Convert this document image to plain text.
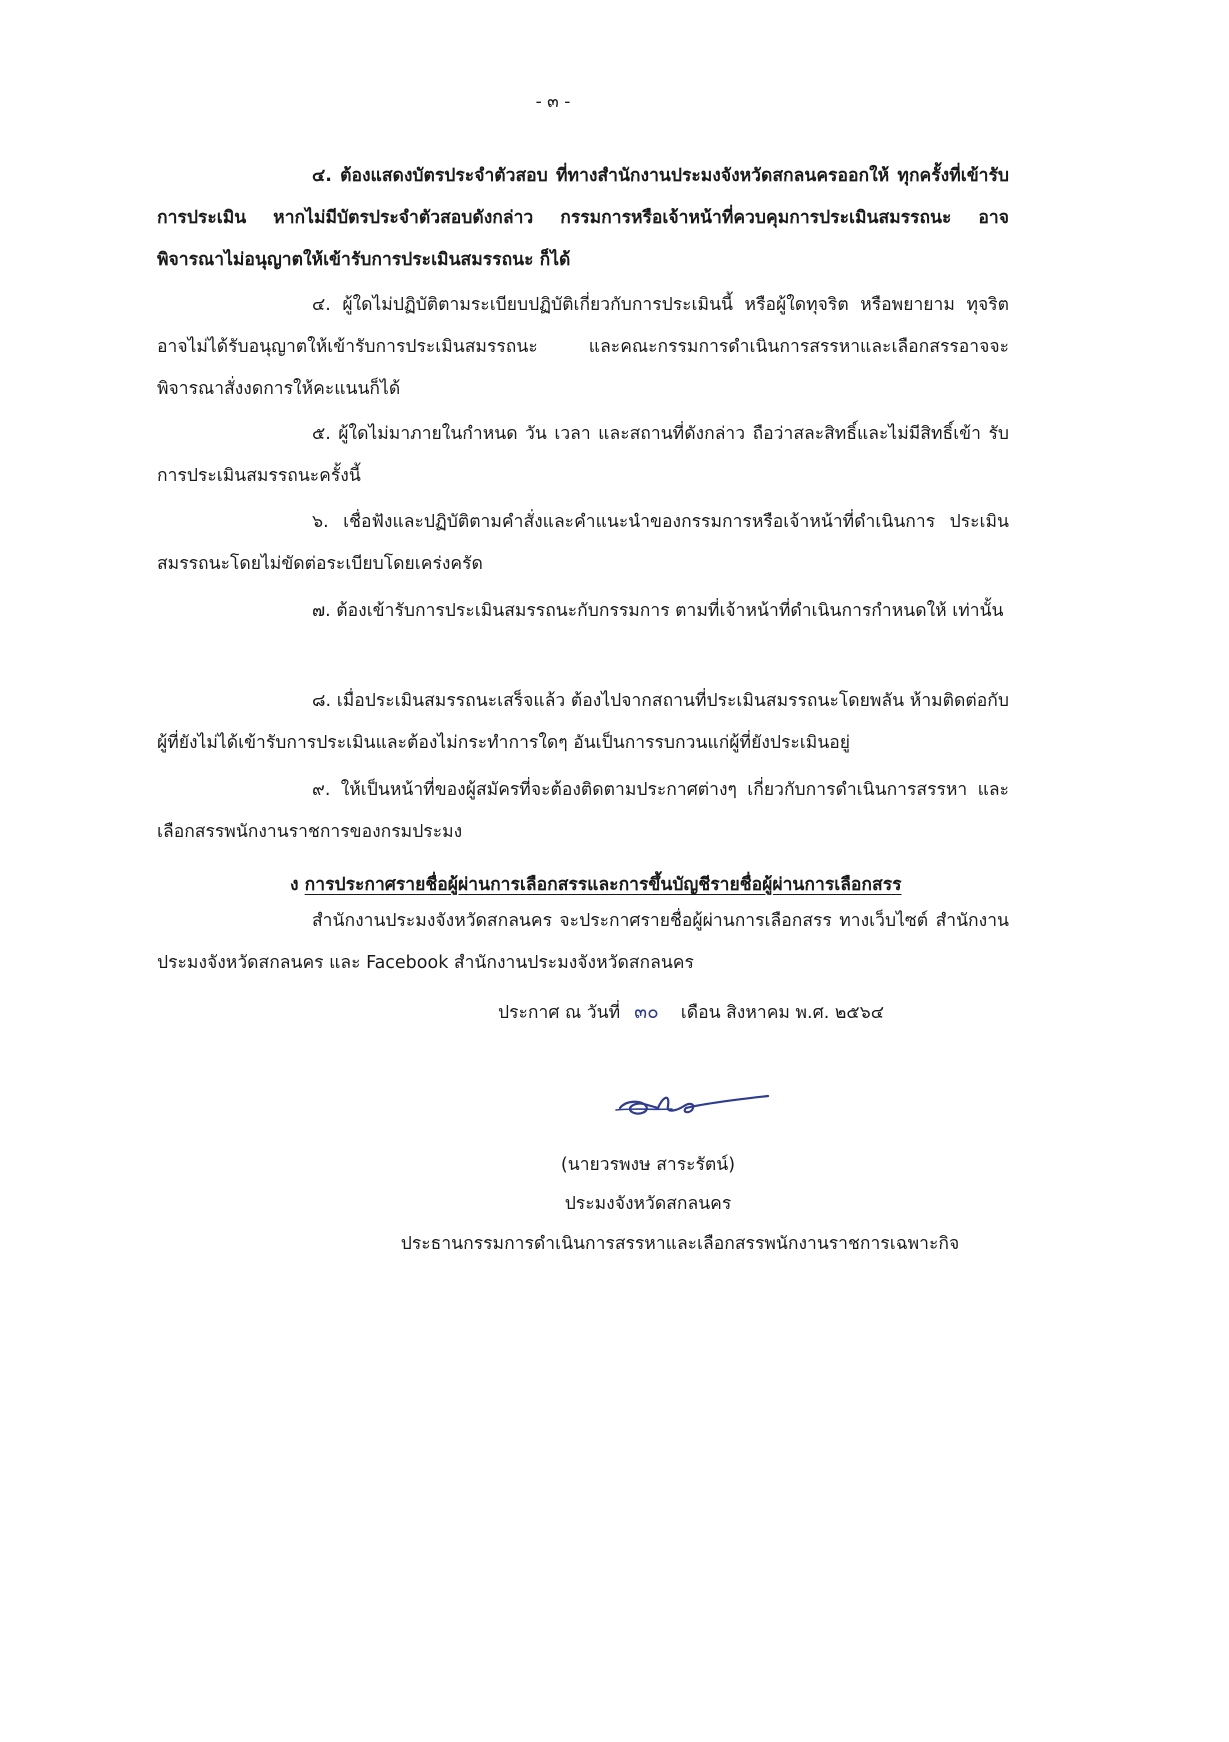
- ๓ -
๔. ต้องแสดงบัตรประจำตัวสอบ ที่ทางสำนักงานประมงจังหวัดสกลนครออกให้ ทุกครั้งที่เข้ารับการประเมิน หากไม่มีบัตรประจำตัวสอบดังกล่าว กรรมการหรือเจ้าหน้าที่ควบคุมการประเมินสมรรถนะ อาจพิจารณาไม่อนุญาตให้เข้ารับการประเมินสมรรถนะ ก็ได้
๔. ผู้ใดไม่ปฏิบัติตามระเบียบปฏิบัติเกี่ยวกับการประเมินนี้ หรือผู้ใดทุจริต หรือพยายาม ทุจริตอาจไม่ได้รับอนุญาตให้เข้ารับการประเมินสมรรถนะ และคณะกรรมการดำเนินการสรรหาและเลือกสรรอาจจะพิจารณาสั่งงดการให้คะแนนก็ได้
๕. ผู้ใดไม่มาภายในกำหนด วัน เวลา และสถานที่ดังกล่าว ถือว่าสละสิทธิ์และไม่มีสิทธิ์เข้า รับการประเมินสมรรถนะครั้งนี้
๖. เชื่อฟังและปฏิบัติตามคำสั่งและคำแนะนำของกรรมการหรือเจ้าหน้าที่ดำเนินการ ประเมินสมรรถนะโดยไม่ขัดต่อระเบียบโดยเคร่งครัด
๗. ต้องเข้ารับการประเมินสมรรถนะกับกรรมการ ตามที่เจ้าหน้าที่ดำเนินการกำหนดให้ เท่านั้น
๘. เมื่อประเมินสมรรถนะเสร็จแล้ว ต้องไปจากสถานที่ประเมินสมรรถนะโดยพลัน ห้ามติดต่อกับผู้ที่ยังไม่ได้เข้ารับการประเมินและต้องไม่กระทำการใดๆ อันเป็นการรบกวนแก่ผู้ที่ยังประเมินอยู่
๙. ให้เป็นหน้าที่ของผู้สมัครที่จะต้องติดตามประกาศต่างๆ เกี่ยวกับการดำเนินการสรรหา และเลือกสรรพนักงานราชการของกรมประมง
ง การประกาศรายชื่อผู้ผ่านการเลือกสรรและการขึ้นบัญชีรายชื่อผู้ผ่านการเลือกสรร
สำนักงานประมงจังหวัดสกลนคร จะประกาศรายชื่อผู้ผ่านการเลือกสรร ทางเว็บไซต์ สำนักงานประมงจังหวัดสกลนคร และ Facebook สำนักงานประมงจังหวัดสกลนคร
ประกาศ ณ วันที่ ๓๐ เดือน สิงหาคม พ.ศ. ๒๕๖๔
(นายวรพงษ สาระรัตน์)
ประมงจังหวัดสกลนคร
ประธานกรรมการดำเนินการสรรหาและเลือกสรรพนักงานราชการเฉพาะกิจ
